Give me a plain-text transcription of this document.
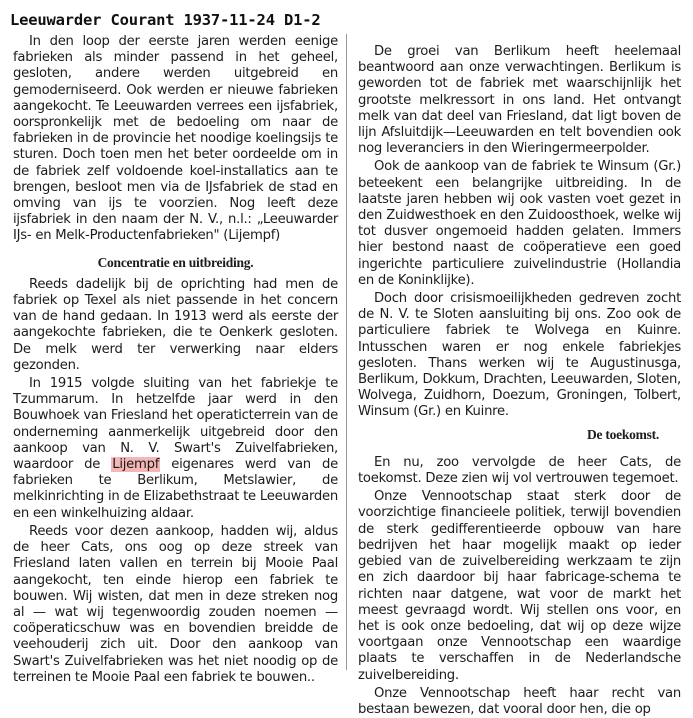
Leeuwarder Courant 1937-11-24 D1-2

In den loop der eerste jaren werden eenige fabrieken als minder passend in het geheel, gesloten, andere werden uitgebreid en gemoderniseerd. Ook werden er nieuwe fabrieken aangekocht. Te Leeuwarden verrees een ijsfabriek, oorspronkelijk met de bedoeling om naar de fabrieken in de provincie het noodige koelingsijs te sturen. Doch toen men het beter oordeelde om in de fabriek zelf voldoende koel-installatics aan te brengen, besloot men via de IJsfabriek de stad en omving van ijs te voorzien. Nog leeft deze ijsfabriek in den naam der N. V., n.l.: „Leeuwarder IJs- en Melk-Productenfabrieken" (Lijempf)

Concentratie en uitbreiding.

Reeds dadelijk bij de oprichting had men de fabriek op Texel als niet passende in het concern van de hand gedaan. In 1913 werd als eerste der aangekochte fabrieken, die te Oenkerk gesloten. De melk werd ter verwerking naar elders gezonden.

In 1915 volgde sluiting van het fabriekje te Tzummarum. In hetzelfde jaar werd in den Bouwhoek van Friesland het operaticterrein van de onderneming aanmerkelijk uitgebreid door den aankoop van N. V. Swart's Zuivelfabrieken, waardoor de Lijempf eigenares werd van de fabrieken te Berlikum, Metslawier, de melkinrichting in de Elizabethstraat te Leeuwarden en een winkelhuizing aldaar.

Reeds voor dezen aankoop, hadden wij, aldus de heer Cats, ons oog op deze streek van Friesland laten vallen en terrein bij Mooie Paal aangekocht, ten einde hierop een fabriek te bouwen. Wij wisten, dat men in deze streken nog al — wat wij tegenwoordig zouden noemen — coöperaticschuw was en bovendien breidde de veehouderij zich uit. Door den aankoop van Swart's Zuivelfabrieken was het niet noodig op de terreinen te Mooie Paal een fabriek te bouwen..

De groei van Berlikum heeft heelemaal beantwoord aan onze verwachtingen. Berlikum is geworden tot de fabriek met waarschijnlijk het grootste melkressort in ons land. Het ontvangt melk van dat deel van Friesland, dat ligt boven de lijn Afsluitdijk—Leeuwarden en telt bovendien ook nog leveranciers in den Wieringermeerpolder.

Ook de aankoop van de fabriek te Winsum (Gr.) beteekent een belangrijke uitbreiding. In de laatste jaren hebben wij ook vasten voet gezet in den Zuidwesthoek en den Zuidoosthoek, welke wij tot dusver ongemoeid hadden gelaten. Immers hier bestond naast de coöperatieve een goed ingerichte particuliere zuivelindustrie (Hollandia en de Koninklijke).

Doch door crisismoeilijkheden gedreven zocht de N. V. te Sloten aansluiting bij ons. Zoo ook de particuliere fabriek te Wolvega en Kuinre. Intusschen waren er nog enkele fabriekjes gesloten. Thans werken wij te Augustinusga, Berlikum, Dokkum, Drachten, Leeuwarden, Sloten, Wolvega, Zuidhorn, Doezum, Groningen, Tolbert, Winsum (Gr.) en Kuinre.

De toekomst.

En nu, zoo vervolgde de heer Cats, de toekomst. Deze zien wij vol vertrouwen tegemoet.

Onze Vennootschap staat sterk door de voorzichtige financieele politiek, terwijl bovendien de sterk gedifferentieerde opbouw van hare bedrijven het haar mogelijk maakt op ieder gebied van de zuivelbereiding werkzaam te zijn en zich daardoor bij haar fabricage-schema te richten naar datgene, wat voor de markt het meest gevraagd wordt. Wij stellen ons voor, en het is ook onze bedoeling, dat wij op deze wijze voortgaan onze Vennootschap een waardige plaats te verschaffen in de Nederlandsche zuivelbereiding.

Onze Vennootschap heeft haar recht van bestaan bewezen, dat vooral door hen, die op
